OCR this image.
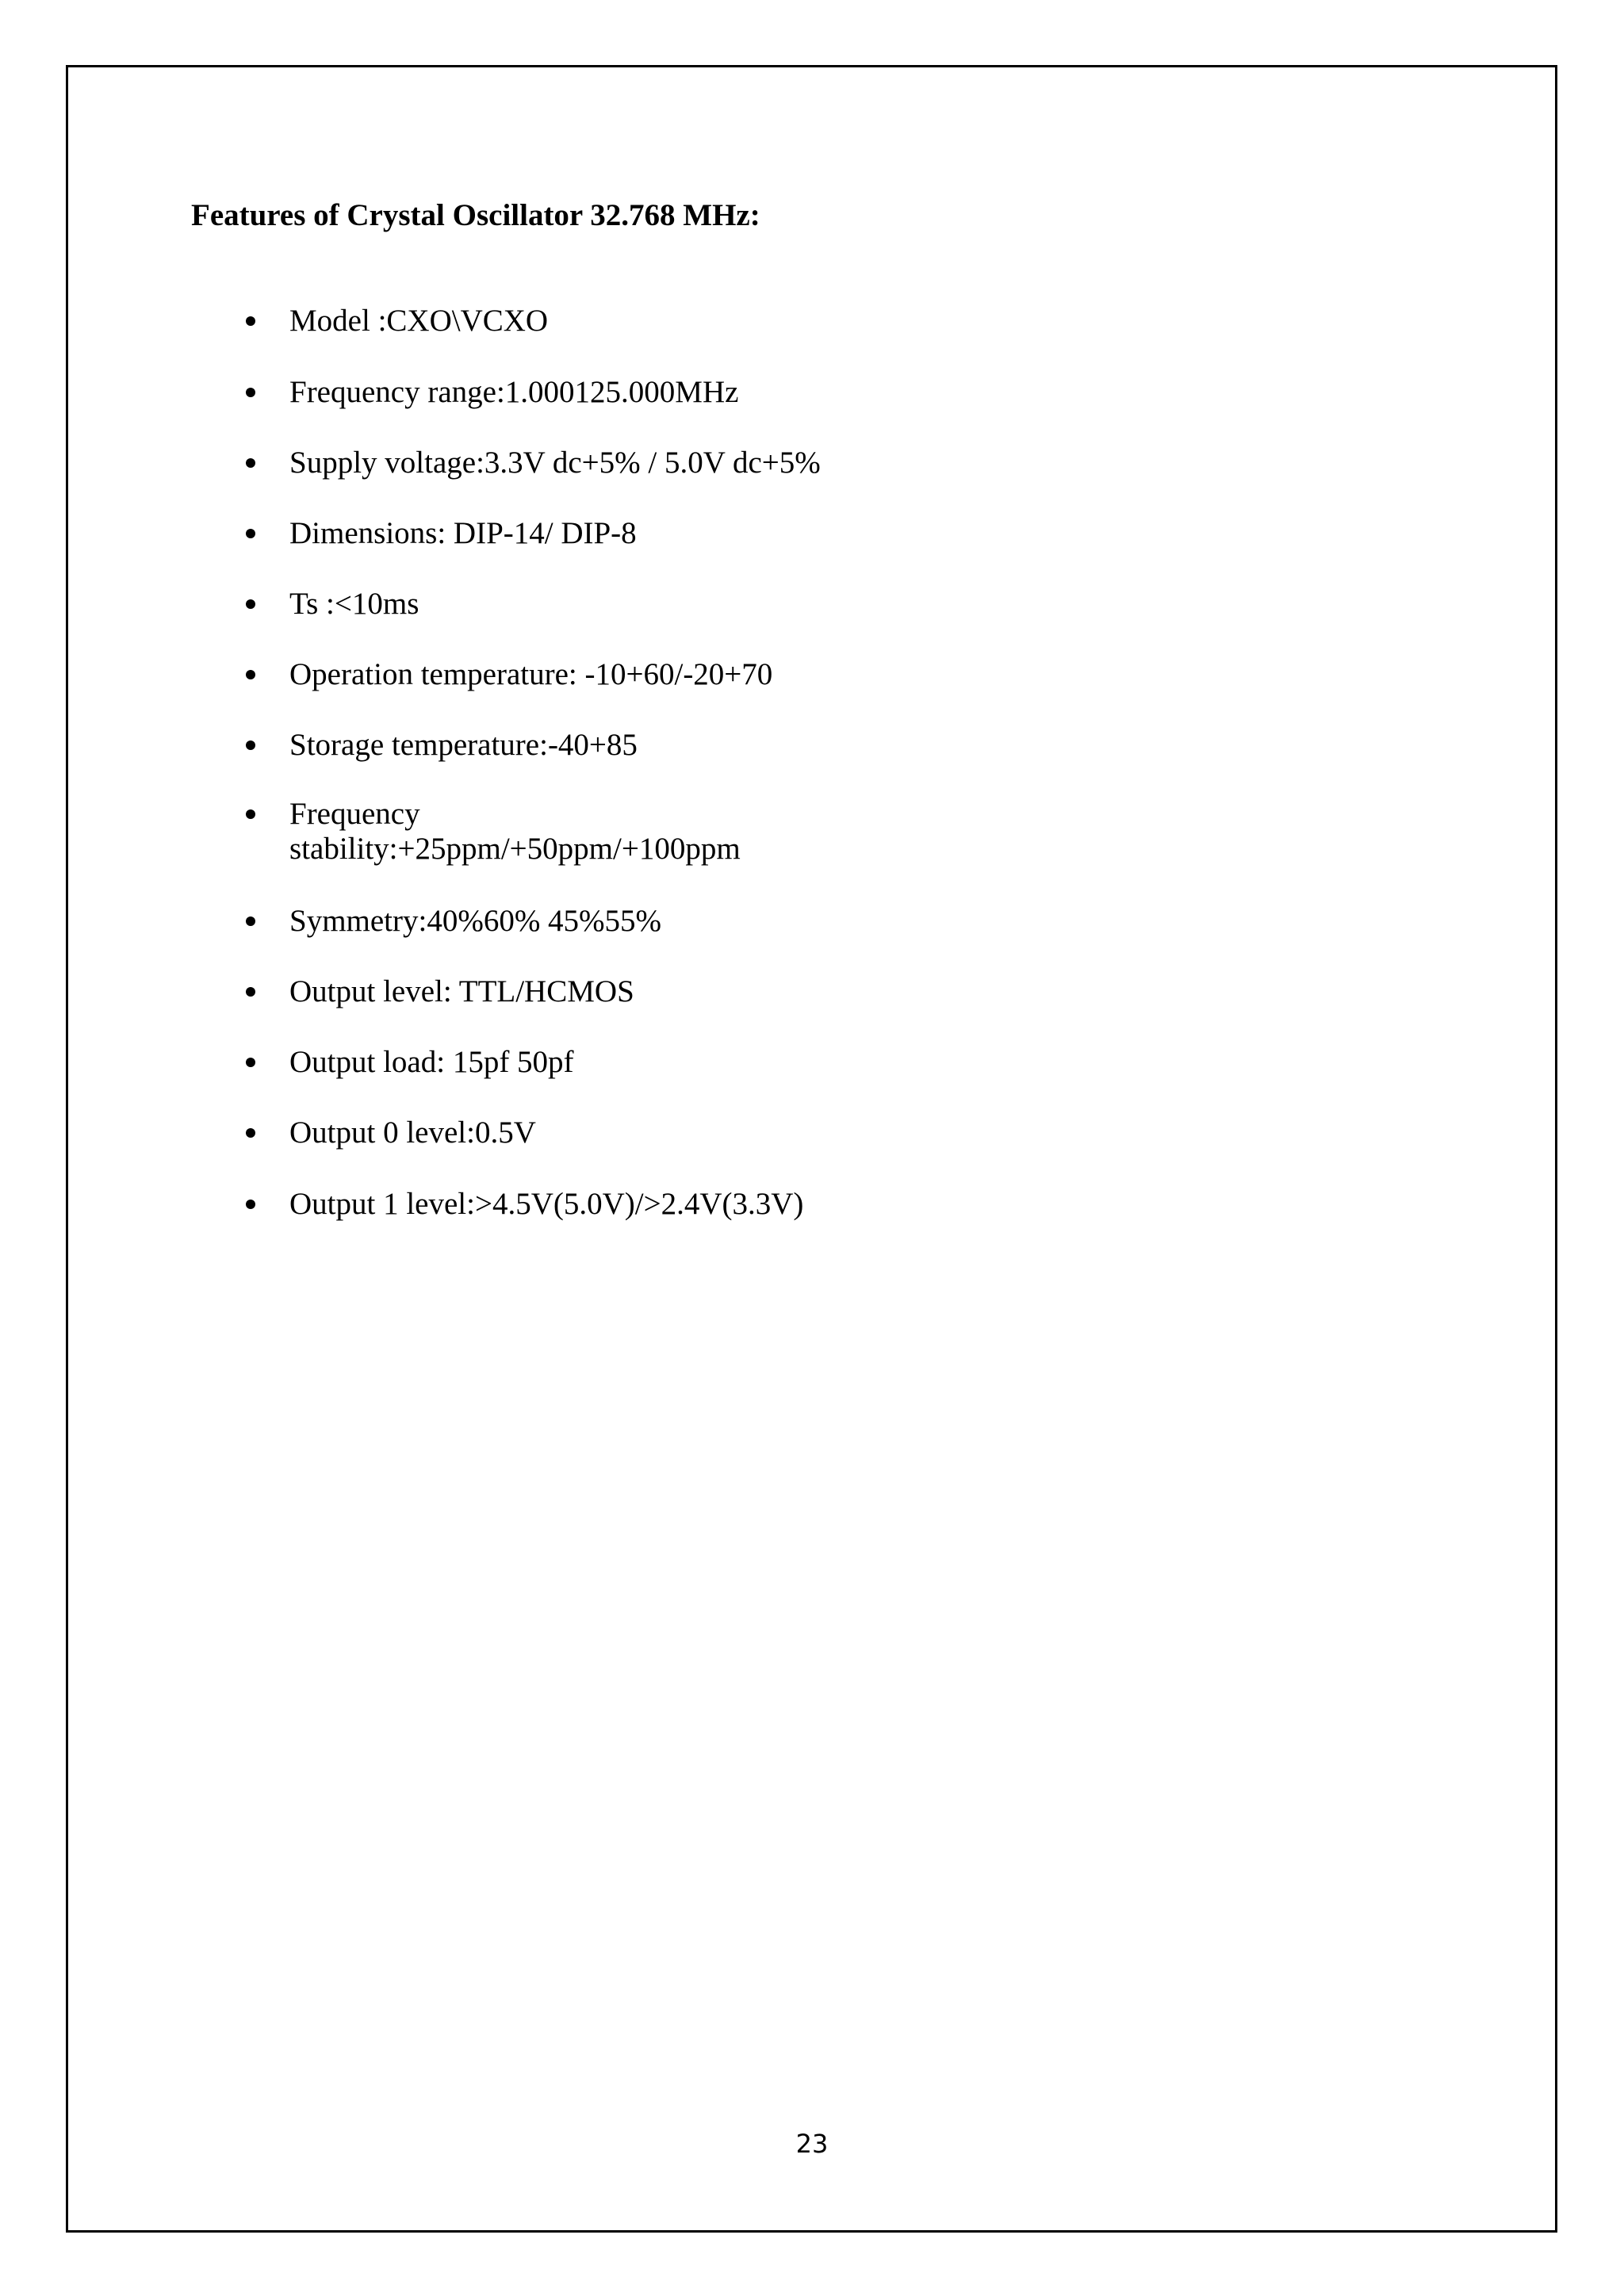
Features of Crystal Oscillator 32.768 MHz:
Model :CXO\VCXO
Frequency range:1.000125.000MHz
Supply voltage:3.3V dc+5% / 5.0V dc+5%
Dimensions: DIP-14/ DIP-8
Ts :<10ms
Operation temperature: -10+60/-20+70
Storage temperature:-40+85
Frequency
stability:+25ppm/+50ppm/+100ppm
Symmetry:40%60% 45%55%
Output level: TTL/HCMOS
Output load: 15pf 50pf
Output 0 level:0.5V
Output 1 level:>4.5V(5.0V)/>2.4V(3.3V)
23
